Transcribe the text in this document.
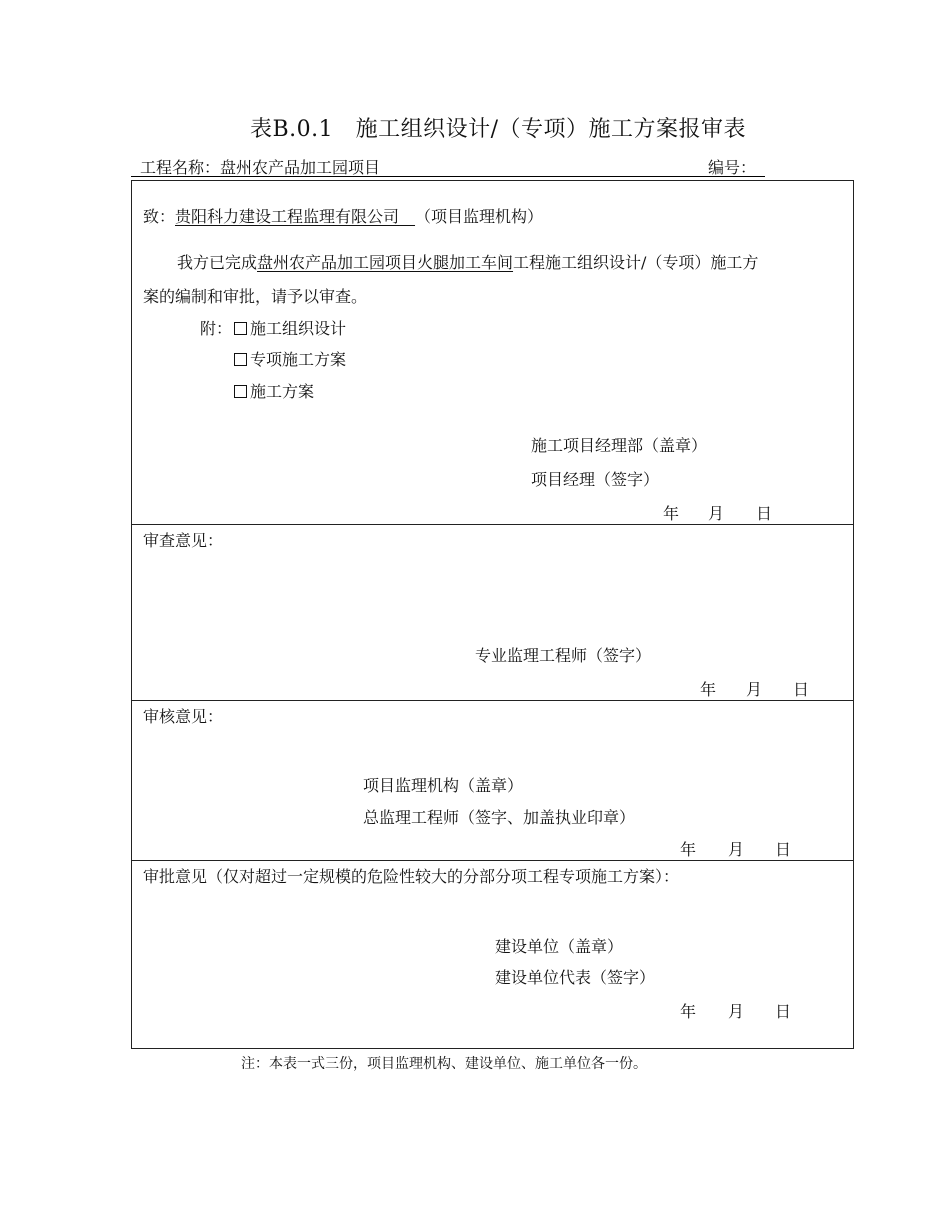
表B.0.1　施工组织设计/（专项）施工方案报审表
工程名称：盘州农产品加工园项目	编号：
致：贵阳科力建设工程监理有限公司   （项目监理机构）
我方已完成盘州农产品加工园项目火腿加工车间工程施工组织设计/（专项）施工方
案的编制和审批，请予以审查。
附：	施工组织设计
专项施工方案
施工方案
施工项目经理部（盖章）
项目经理（签字）
年 月 日
审查意见：
专业监理工程师（签字）
年 月 日
审核意见：
项目监理机构（盖章）
总监理工程师（签字、加盖执业印章）
年 月 日
审批意见（仅对超过一定规模的危险性较大的分部分项工程专项施工方案）：
建设单位（盖章）
建设单位代表（签字）
年 月 日
注：本表一式三份，项目监理机构、建设单位、施工单位各一份。
